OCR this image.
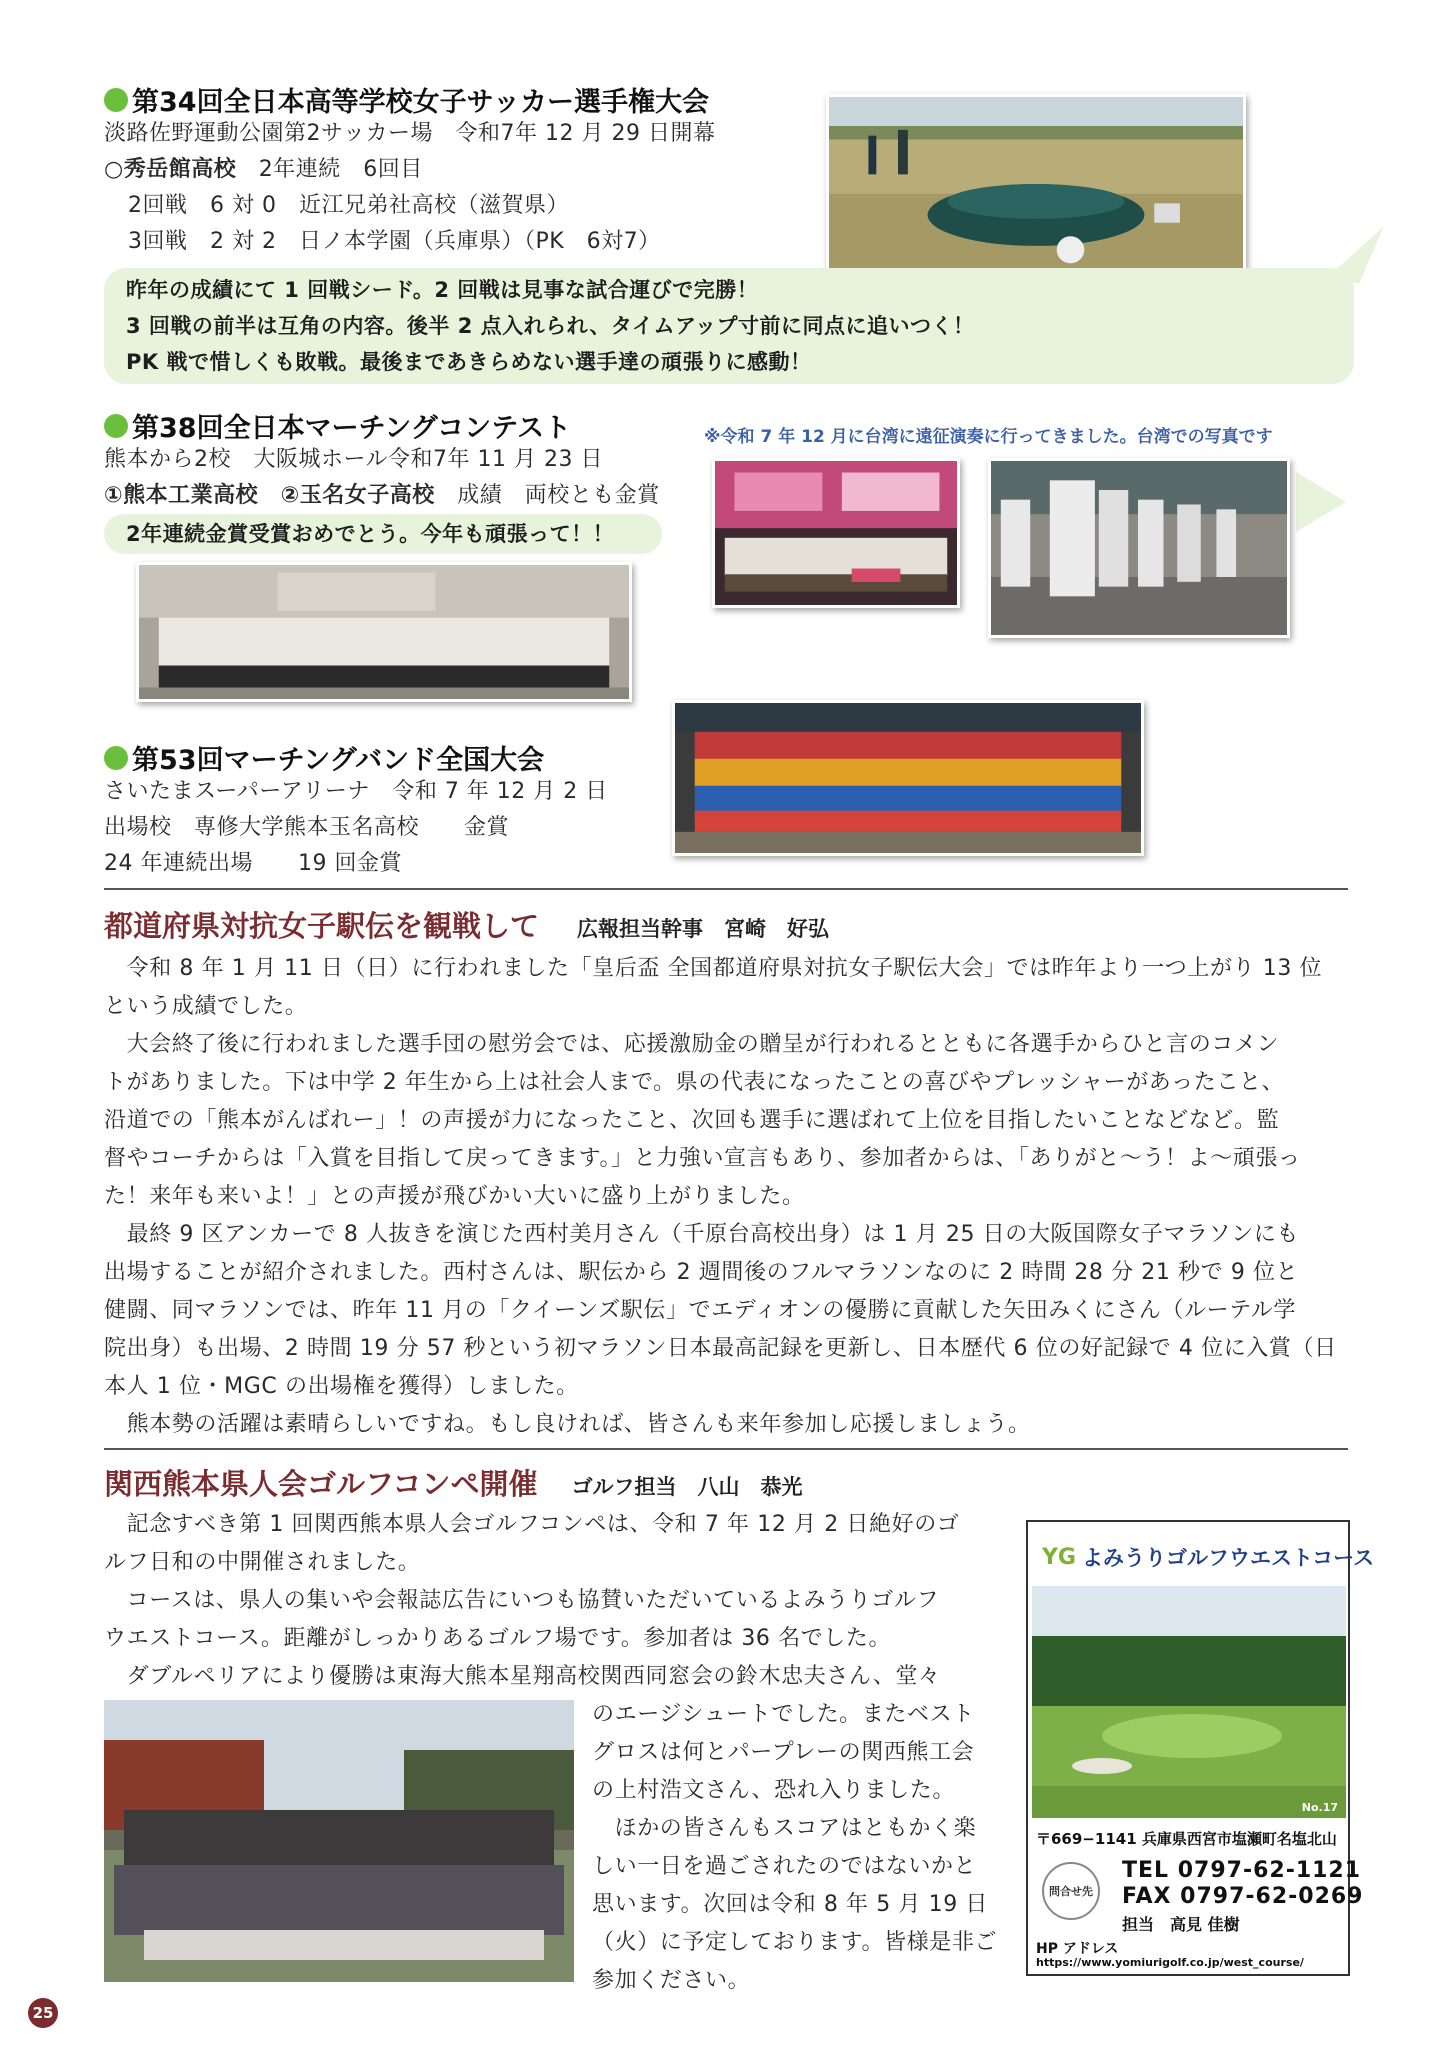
第34回全日本高等学校女子サッカー選手権大会
淡路佐野運動公園第2サッカー場　令和7年 12 月 29 日開幕
○秀岳館高校　2年連続　6回目
2回戦　6 対 0　近江兄弟社高校（滋賀県）
3回戦　2 対 2　日ノ本学園（兵庫県）（PK　6対7）
昨年の成績にて 1 回戦シード。2 回戦は見事な試合運びで完勝！
3 回戦の前半は互角の内容。後半 2 点入れられ、タイムアップ寸前に同点に追いつく！
PK 戦で惜しくも敗戦。最後まであきらめない選手達の頑張りに感動！
第38回全日本マーチングコンテスト	※令和 7 年 12 月に台湾に遠征演奏に行ってきました。台湾での写真です
熊本から2校　大阪城ホール令和7年 11 月 23 日
①熊本工業高校　②玉名女子高校　成績　両校とも金賞
2年連続金賞受賞おめでとう。今年も頑張って！！
第53回マーチングバンド全国大会
さいたまスーパーアリーナ　令和 7 年 12 月 2 日
出場校　専修大学熊本玉名高校　　金賞
24 年連続出場　　19 回金賞
都道府県対抗女子駅伝を観戦して 広報担当幹事　宮崎　好弘
　令和 8 年 1 月 11 日（日）に行われました「皇后盃 全国都道府県対抗女子駅伝大会」では昨年より一つ上がり 13 位
という成績でした。
　大会終了後に行われました選手団の慰労会では、応援激励金の贈呈が行われるとともに各選手からひと言のコメン
トがありました。下は中学 2 年生から上は社会人まで。県の代表になったことの喜びやプレッシャーがあったこと、
沿道での「熊本がんばれー」！の声援が力になったこと、次回も選手に選ばれて上位を目指したいことなどなど。監
督やコーチからは「入賞を目指して戻ってきます。」と力強い宣言もあり、参加者からは、「ありがと～う！よ～頑張っ
た！来年も来いよ！」との声援が飛びかい大いに盛り上がりました。
　最終 9 区アンカーで 8 人抜きを演じた西村美月さん（千原台高校出身）は 1 月 25 日の大阪国際女子マラソンにも
出場することが紹介されました。西村さんは、駅伝から 2 週間後のフルマラソンなのに 2 時間 28 分 21 秒で 9 位と
健闘、同マラソンでは、昨年 11 月の「クイーンズ駅伝」でエディオンの優勝に貢献した矢田みくにさん（ルーテル学
院出身）も出場、2 時間 19 分 57 秒という初マラソン日本最高記録を更新し、日本歴代 6 位の好記録で 4 位に入賞（日
本人 1 位・MGC の出場権を獲得）しました。
　熊本勢の活躍は素晴らしいですね。もし良ければ、皆さんも来年参加し応援しましょう。
関西熊本県人会ゴルフコンペ開催 ゴルフ担当　八山　恭光
　記念すべき第 1 回関西熊本県人会ゴルフコンペは、令和 7 年 12 月 2 日絶好のゴ
ルフ日和の中開催されました。
　コースは、県人の集いや会報誌広告にいつも協賛いただいているよみうりゴルフ
ウエストコース。距離がしっかりあるゴルフ場です。参加者は 36 名でした。
　ダブルペリアにより優勝は東海大熊本星翔高校関西同窓会の鈴木忠夫さん、堂々
のエージシュートでした。またベスト
グロスは何とパープレーの関西熊工会
の上村浩文さん、恐れ入りました。
　ほかの皆さんもスコアはともかく楽
しい一日を過ごされたのではないかと
思います。次回は令和 8 年 5 月 19 日
（火）に予定しております。皆様是非ご
参加ください。
YG よみうりゴルフウエストコース
No.17
〒669−1141 兵庫県西宮市塩瀬町名塩北山
問合せ先
TEL 0797-62-1121
FAX 0797-62-0269
担当　高見 佳樹
HP アドレス
https://www.yomiurigolf.co.jp/west_course/
25
